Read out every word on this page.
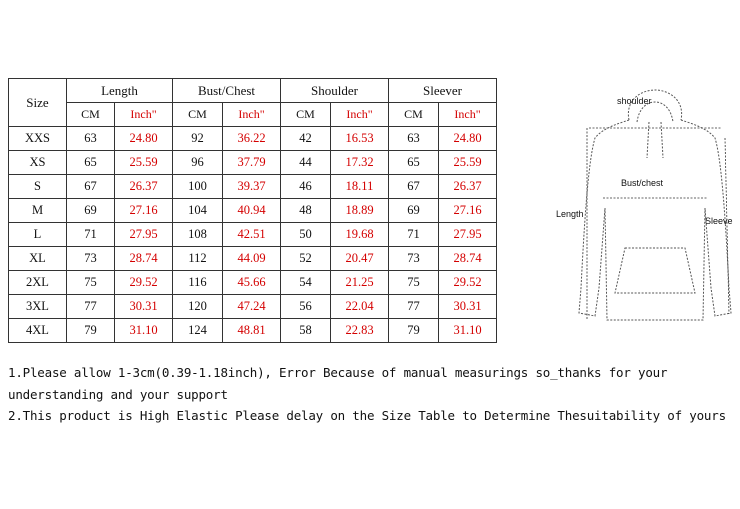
Size	Length		Bust/Chest		Shoulder		Sleever	
	CM	Inch"	CM	Inch"	CM	Inch"	CM	Inch"
XXS	63	24.80	92	36.22	42	16.53	63	24.80
XS	65	25.59	96	37.79	44	17.32	65	25.59
S	67	26.37	100	39.37	46	18.11	67	26.37
M	69	27.16	104	40.94	48	18.89	69	27.16
L	71	27.95	108	42.51	50	19.68	71	27.95
XL	73	28.74	112	44.09	52	20.47	73	28.74
2XL	75	29.52	116	45.66	54	21.25	75	29.52
3XL	77	30.31	120	47.24	56	22.04	77	30.31
4XL	79	31.10	124	48.81	58	22.83	79	31.10
shoulder
Bust/chest
Length
Sleeve
1.Please allow 1-3cm(0.39-1.18inch), Error Because of manual measurings so_thanks for your
understanding and your support
2.This product is High Elastic Please delay on the Size Table to Determine Thesuitability of yours
